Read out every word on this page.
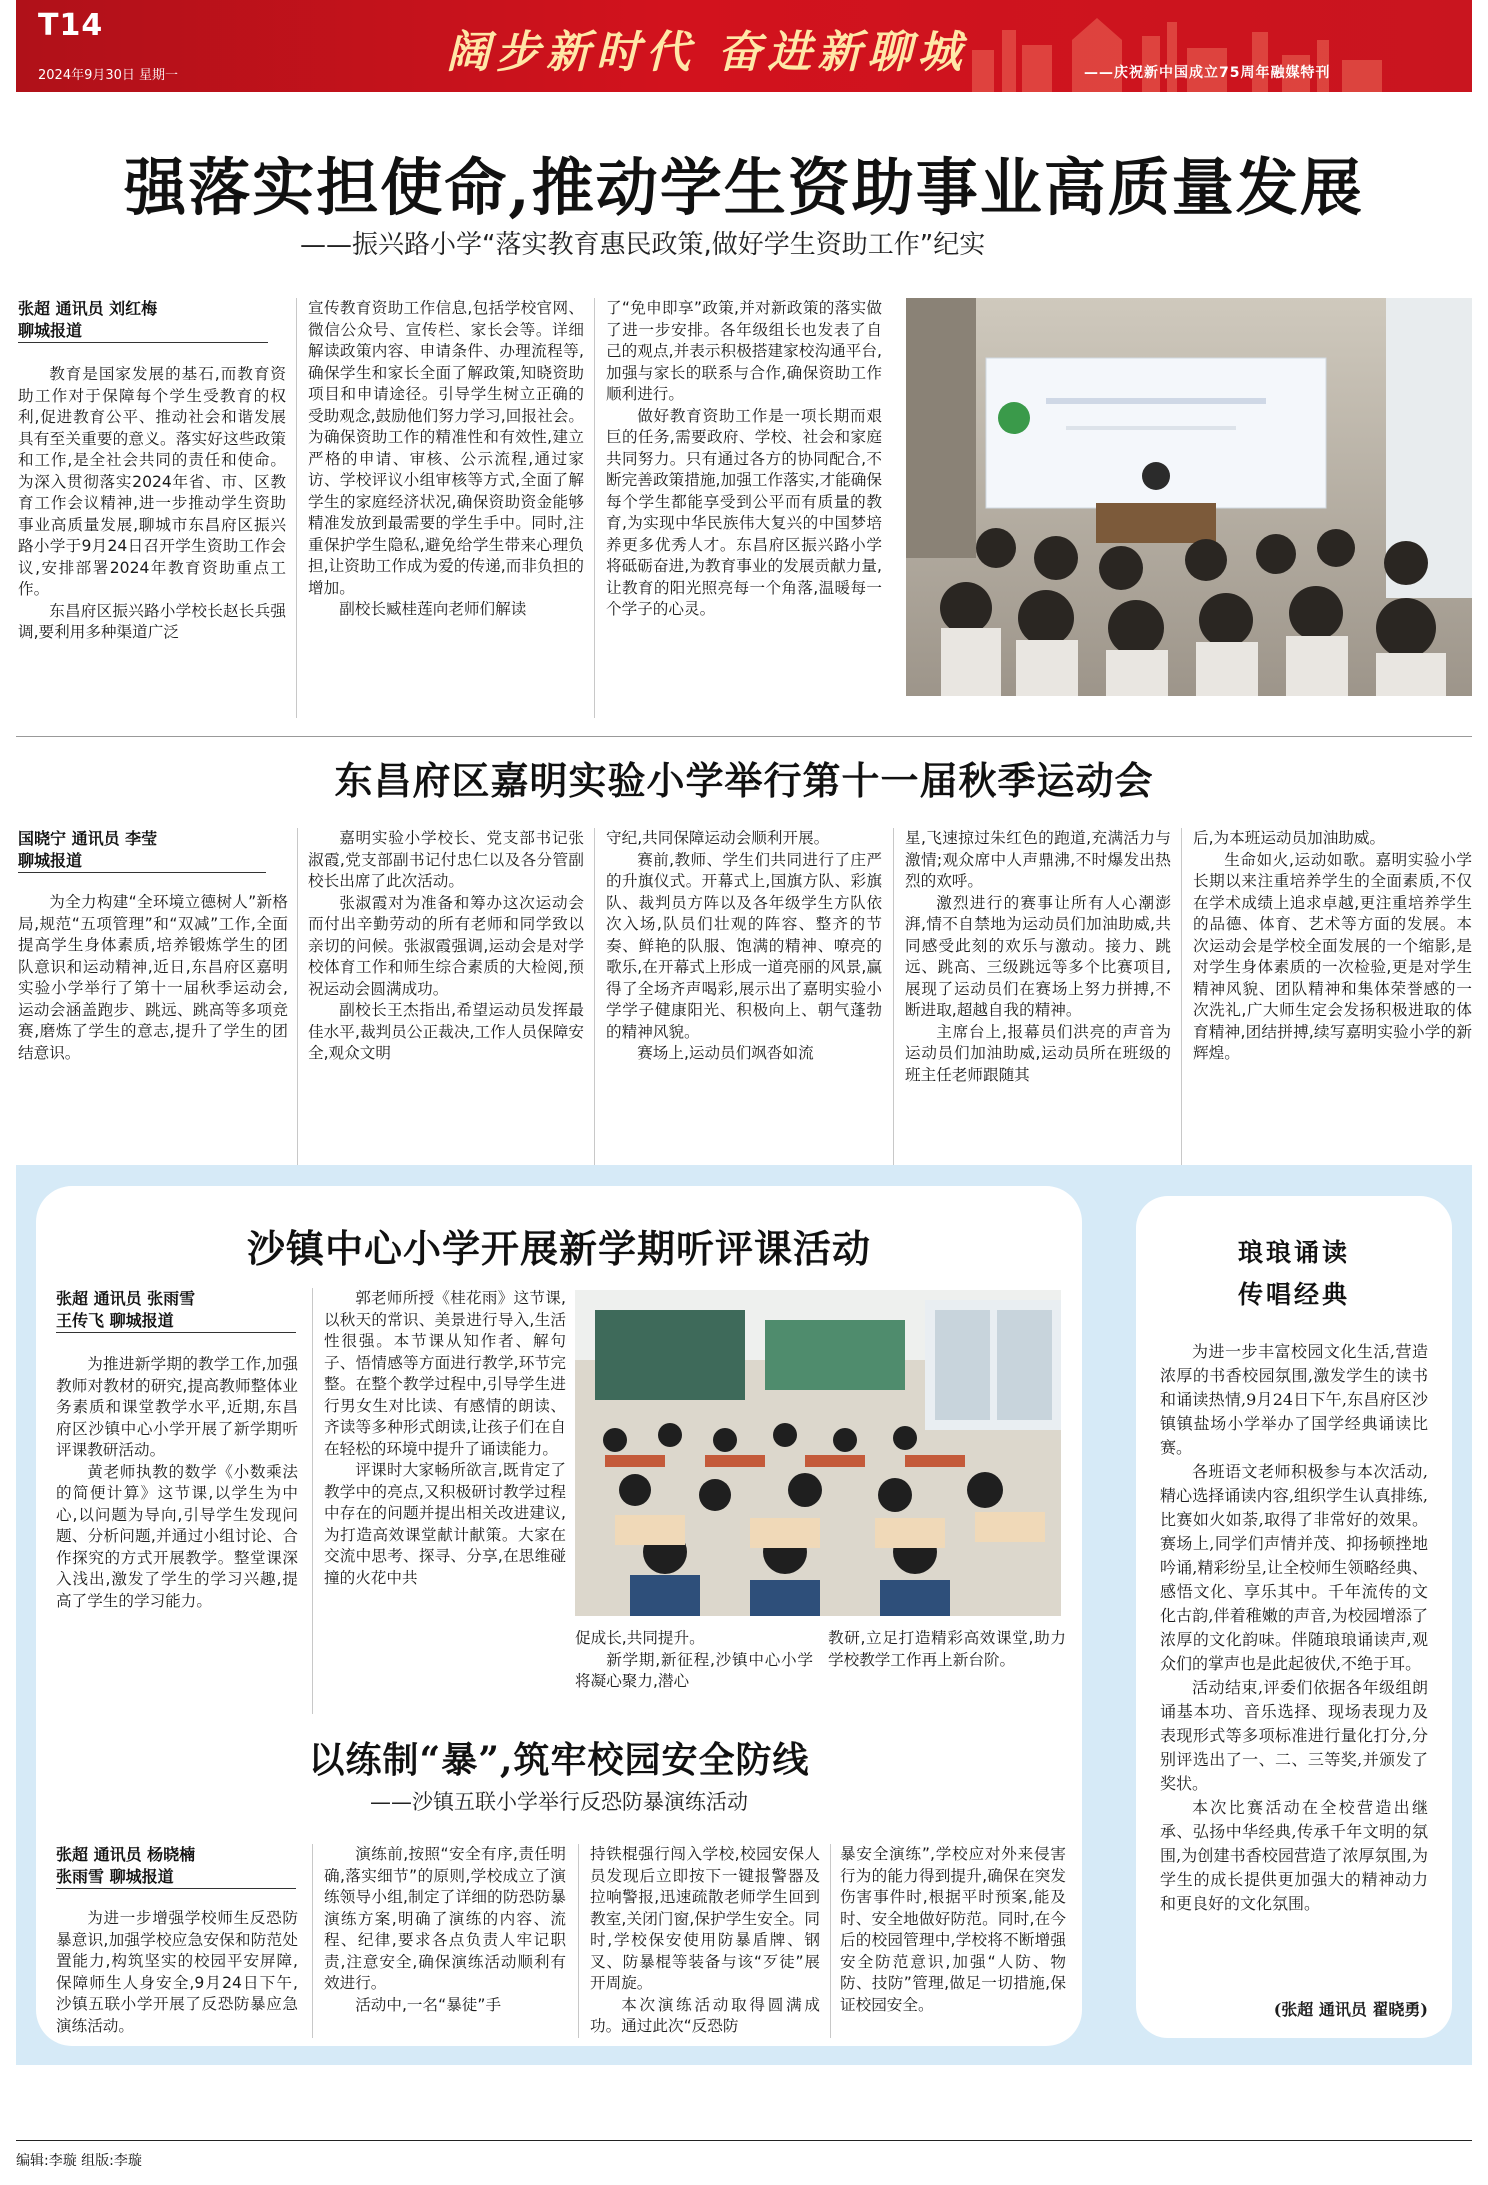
T14
2024年9月30日 星期一	阔步新时代 奋进新聊城	——庆祝新中国成立75周年融媒特刊
强落实担使命,推动学生资助事业高质量发展
——振兴路小学“落实教育惠民政策,做好学生资助工作”纪实
张超 通讯员 刘红梅
聊城报道

教育是国家发展的基石,而教育资助工作对于保障每个学生受教育的权利,促进教育公平、推动社会和谐发展具有至关重要的意义。落实好这些政策和工作,是全社会共同的责任和使命。为深入贯彻落实2024年省、市、区教育工作会议精神,进一步推动学生资助事业高质量发展,聊城市东昌府区振兴路小学于9月24日召开学生资助工作会议,安排部署2024年教育资助重点工作。

东昌府区振兴路小学校长赵长兵强调,要利用多种渠道广泛

宣传教育资助工作信息,包括学校官网、微信公众号、宣传栏、家长会等。详细解读政策内容、申请条件、办理流程等,确保学生和家长全面了解政策,知晓资助项目和申请途径。引导学生树立正确的受助观念,鼓励他们努力学习,回报社会。为确保资助工作的精准性和有效性,建立严格的申请、审核、公示流程,通过家访、学校评议小组审核等方式,全面了解学生的家庭经济状况,确保资助资金能够精准发放到最需要的学生手中。同时,注重保护学生隐私,避免给学生带来心理负担,让资助工作成为爱的传递,而非负担的增加。

副校长臧桂莲向老师们解读

了“免申即享”政策,并对新政策的落实做了进一步安排。各年级组长也发表了自己的观点,并表示积极搭建家校沟通平台,加强与家长的联系与合作,确保资助工作顺利进行。

做好教育资助工作是一项长期而艰巨的任务,需要政府、学校、社会和家庭共同努力。只有通过各方的协同配合,不断完善政策措施,加强工作落实,才能确保每个学生都能享受到公平而有质量的教育,为实现中华民族伟大复兴的中国梦培养更多优秀人才。东昌府区振兴路小学将砥砺奋进,为教育事业的发展贡献力量,让教育的阳光照亮每一个角落,温暖每一个学子的心灵。

东昌府区嘉明实验小学举行第十一届秋季运动会
国晓宁 通讯员 李莹
聊城报道

为全力构建“全环境立德树人”新格局,规范“五项管理”和“双减”工作,全面提高学生身体素质,培养锻炼学生的团队意识和运动精神,近日,东昌府区嘉明实验小学举行了第十一届秋季运动会,运动会涵盖跑步、跳远、跳高等多项竞赛,磨炼了学生的意志,提升了学生的团结意识。

嘉明实验小学校长、党支部书记张淑霞,党支部副书记付忠仁以及各分管副校长出席了此次活动。

张淑霞对为准备和筹办这次运动会而付出辛勤劳动的所有老师和同学致以亲切的问候。张淑霞强调,运动会是对学校体育工作和师生综合素质的大检阅,预祝运动会圆满成功。

副校长王杰指出,希望运动员发挥最佳水平,裁判员公正裁决,工作人员保障安全,观众文明

守纪,共同保障运动会顺利开展。

赛前,教师、学生们共同进行了庄严的升旗仪式。开幕式上,国旗方队、彩旗队、裁判员方阵以及各年级学生方队依次入场,队员们壮观的阵容、整齐的节奏、鲜艳的队服、饱满的精神、嘹亮的歌乐,在开幕式上形成一道亮丽的风景,赢得了全场齐声喝彩,展示出了嘉明实验小学学子健康阳光、积极向上、朝气蓬勃的精神风貌。

赛场上,运动员们飒沓如流

星,飞速掠过朱红色的跑道,充满活力与激情;观众席中人声鼎沸,不时爆发出热烈的欢呼。

激烈进行的赛事让所有人心潮澎湃,情不自禁地为运动员们加油助威,共同感受此刻的欢乐与激动。接力、跳远、跳高、三级跳远等多个比赛项目,展现了运动员们在赛场上努力拼搏,不断进取,超越自我的精神。

主席台上,报幕员们洪亮的声音为运动员们加油助威,运动员所在班级的班主任老师跟随其

后,为本班运动员加油助威。

生命如火,运动如歌。嘉明实验小学长期以来注重培养学生的全面素质,不仅在学术成绩上追求卓越,更注重培养学生的品德、体育、艺术等方面的发展。本次运动会是学校全面发展的一个缩影,是对学生身体素质的一次检验,更是对学生精神风貌、团队精神和集体荣誉感的一次洗礼,广大师生定会发扬积极进取的体育精神,团结拼搏,续写嘉明实验小学的新辉煌。

沙镇中心小学开展新学期听评课活动
张超 通讯员 张雨雪
王传飞 聊城报道

为推进新学期的教学工作,加强教师对教材的研究,提高教师整体业务素质和课堂教学水平,近期,东昌府区沙镇中心小学开展了新学期听评课教研活动。

黄老师执教的数学《小数乘法的简便计算》这节课,以学生为中心,以问题为导向,引导学生发现问题、分析问题,并通过小组讨论、合作探究的方式开展教学。整堂课深入浅出,激发了学生的学习兴趣,提高了学生的学习能力。

郭老师所授《桂花雨》这节课,以秋天的常识、美景进行导入,生活性很强。本节课从知作者、解句子、悟情感等方面进行教学,环节完整。在整个教学过程中,引导学生进行男女生对比读、有感情的朗读、齐读等多种形式朗读,让孩子们在自在轻松的环境中提升了诵读能力。

评课时大家畅所欲言,既肯定了教学中的亮点,又积极研讨教学过程中存在的问题并提出相关改进建议,为打造高效课堂献计献策。大家在交流中思考、探寻、分享,在思维碰撞的火花中共

促成长,共同提升。

新学期,新征程,沙镇中心小学将凝心聚力,潜心

教研,立足打造精彩高效课堂,助力学校教学工作再上新台阶。

以练制“暴”,筑牢校园安全防线
——沙镇五联小学举行反恐防暴演练活动
张超 通讯员 杨晓楠
张雨雪 聊城报道

为进一步增强学校师生反恐防暴意识,加强学校应急安保和防范处置能力,构筑坚实的校园平安屏障,保障师生人身安全,9月24日下午,沙镇五联小学开展了反恐防暴应急演练活动。

演练前,按照“安全有序,责任明确,落实细节”的原则,学校成立了演练领导小组,制定了详细的防恐防暴演练方案,明确了演练的内容、流程、纪律,要求各点负责人牢记职责,注意安全,确保演练活动顺利有效进行。

活动中,一名“暴徒”手

持铁棍强行闯入学校,校园安保人员发现后立即按下一键报警器及拉响警报,迅速疏散老师学生回到教室,关闭门窗,保护学生安全。同时,学校保安使用防暴盾牌、钢叉、防暴棍等装备与该“歹徒”展开周旋。

本次演练活动取得圆满成功。通过此次“反恐防

暴安全演练”,学校应对外来侵害行为的能力得到提升,确保在突发伤害事件时,根据平时预案,能及时、安全地做好防范。同时,在今后的校园管理中,学校将不断增强安全防范意识,加强“人防、物防、技防”管理,做足一切措施,保证校园安全。

琅琅诵读
传唱经典

为进一步丰富校园文化生活,营造浓厚的书香校园氛围,激发学生的读书和诵读热情,9月24日下午,东昌府区沙镇镇盐场小学举办了国学经典诵读比赛。

各班语文老师积极参与本次活动,精心选择诵读内容,组织学生认真排练,比赛如火如荼,取得了非常好的效果。赛场上,同学们声情并茂、抑扬顿挫地吟诵,精彩纷呈,让全校师生领略经典、感悟文化、享乐其中。千年流传的文化古韵,伴着稚嫩的声音,为校园增添了浓厚的文化韵味。伴随琅琅诵读声,观众们的掌声也是此起彼伏,不绝于耳。

活动结束,评委们依据各年级组朗诵基本功、音乐选择、现场表现力及表现形式等多项标准进行量化打分,分别评选出了一、二、三等奖,并颁发了奖状。

本次比赛活动在全校营造出继承、弘扬中华经典,传承千年文明的氛围,为创建书香校园营造了浓厚氛围,为学生的成长提供更加强大的精神动力和更良好的文化氛围。

(张超 通讯员 翟晓勇)
编辑:李璇 组版:李璇
